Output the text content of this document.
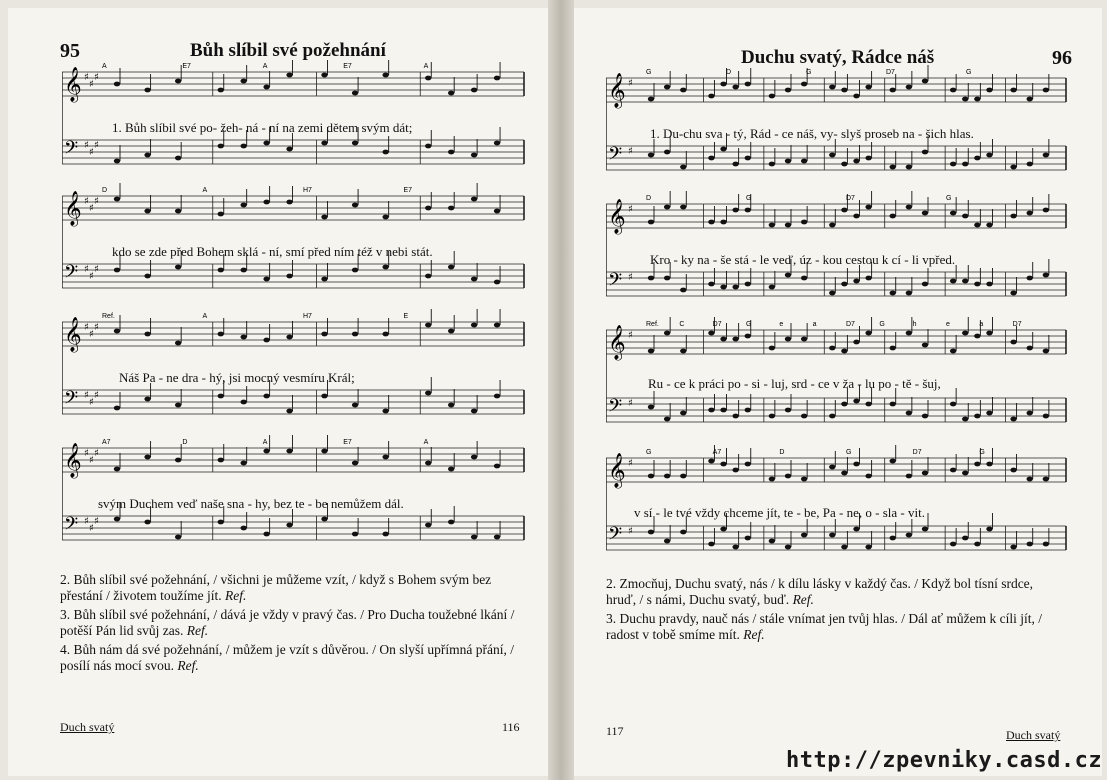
95	Bůh slíbil své požehnání	Duchu svatý, Rádce náš	96
𝄞 ♯
♯
♯
𝄢 ♯
♯
♯
𝄞 ♯
♯
♯
𝄢 ♯
♯
♯
𝄞 ♯
♯
♯
𝄢 ♯
♯
♯
𝄞 ♯
♯
♯
𝄢 ♯
♯
♯
A	E7	A	E7	A
D	A	H7	E7
Ref.	A	H7	E
A7	D	A	E7	A
𝄞 ♯
𝄢 ♯
𝄞 ♯
𝄢 ♯
𝄞 ♯
𝄢 ♯
𝄞 ♯
𝄢 ♯
G	D	G	D7	G
D	G	D7	G
Ref.	C	D7	G	e	a	D7	G	h	e	a	D7
G	A7	D	G	D7	G
1. Bůh slíbil své po- žeh- ná - ní na zemi dětem svým dát;
kdo se zde před Bohem sklá - ní, smí před ním též v nebi stát.
Náš Pa - ne dra - hý, jsi mocný vesmíru Král;
svým Duchem veď naše sna - hy, bez te - be nemůžem dál.
1. Du-chu sva - tý, Rád - ce náš, vy- slyš proseb na - šich hlas.
Kro - ky na - še stá - le veď, úz - kou cestou k cí - li vpřed.
Ru - ce k práci po - si - luj, srd - ce v ža - lu po - tě - šuj,
v sí - le tvé vždy chceme jít, te - be, Pa - ne, o - sla - vit.

2. Bůh slíbil své požehnání, / všichni je můžeme vzít, / když s Bohem svým bez přestání / životem toužíme jít. Ref.

3. Bůh slíbil své požehnání, / dává je vždy v pravý čas. / Pro Ducha toužebné lkání / potěší Pán lid svůj zas. Ref.

4. Bůh nám dá své požehnání, / můžem je vzít s důvěrou. / On slyší upřímná přání, / posílí nás mocí svou. Ref.

2. Zmocňuj, Duchu svatý, nás / k dílu lásky v každý čas. / Když bol tísní srdce, hruď, / s námi, Duchu svatý, buď. Ref.

3. Duchu pravdy, nauč nás / stále vnímat jen tvůj hlas. / Dál ať můžem k cíli jít, / radost v tobě smíme mít. Ref.

Duch svatý	116	117	Duch svatý
http://zpevniky.casd.cz
